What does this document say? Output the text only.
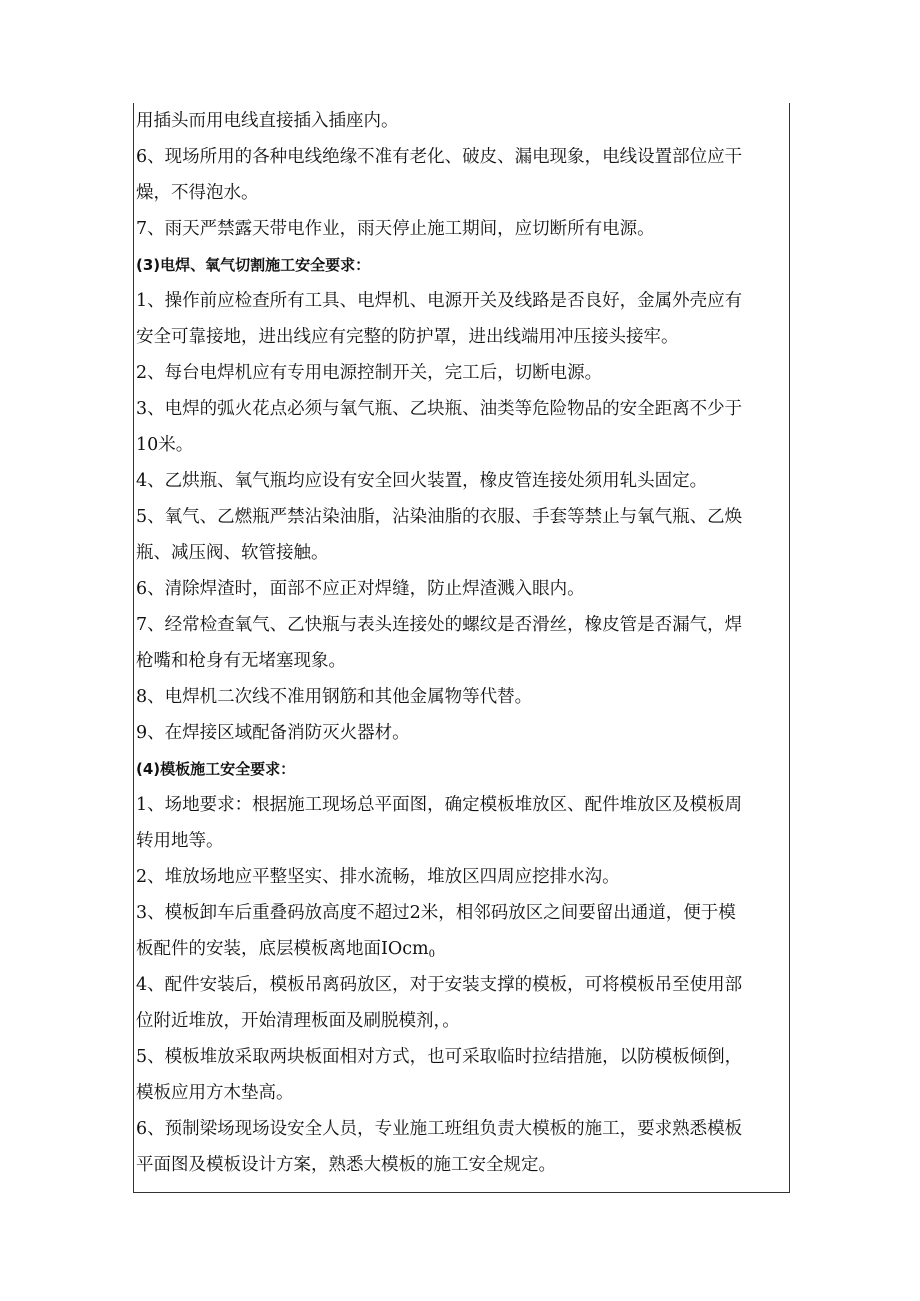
用插头而用电线直接插入插座内。
6、现场所用的各种电线绝缘不准有老化、破皮、漏电现象，电线设置部位应干
燥，不得泡水。
7、雨天严禁露天带电作业，雨天停止施工期间，应切断所有电源。
(3)电焊、氧气切割施工安全要求：
1、操作前应检查所有工具、电焊机、电源开关及线路是否良好，金属外壳应有
安全可靠接地，进出线应有完整的防护罩，进出线端用冲压接头接牢。
2、每台电焊机应有专用电源控制开关，完工后，切断电源。
3、电焊的弧火花点必须与氧气瓶、乙块瓶、油类等危险物品的安全距离不少于
10米。
4、乙烘瓶、氧气瓶均应设有安全回火装置，橡皮管连接处须用轧头固定。
5、氧气、乙燃瓶严禁沾染油脂，沾染油脂的衣服、手套等禁止与氧气瓶、乙焕
瓶、减压阀、软管接触。
6、清除焊渣时，面部不应正对焊缝，防止焊渣溅入眼内。
7、经常检查氧气、乙快瓶与表头连接处的螺纹是否滑丝，橡皮管是否漏气，焊
枪嘴和枪身有无堵塞现象。
8、电焊机二次线不准用钢筋和其他金属物等代替。
9、在焊接区域配备消防灭火器材。
(4)模板施工安全要求：
1、场地要求：根据施工现场总平面图，确定模板堆放区、配件堆放区及模板周
转用地等。
2、堆放场地应平整坚实、排水流畅，堆放区四周应挖排水沟。
3、模板卸车后重叠码放高度不超过2米，相邻码放区之间要留出通道，便于模
板配件的安装，底层模板离地面IOcm0
4、配件安装后，模板吊离码放区，对于安装支撑的模板，可将模板吊至使用部
位附近堆放，开始清理板面及刷脱模剂，。
5、模板堆放采取两块板面相对方式，也可采取临时拉结措施，以防模板倾倒，
模板应用方木垫高。
6、预制梁场现场设安全人员，专业施工班组负责大模板的施工，要求熟悉模板
平面图及模板设计方案，熟悉大模板的施工安全规定。
